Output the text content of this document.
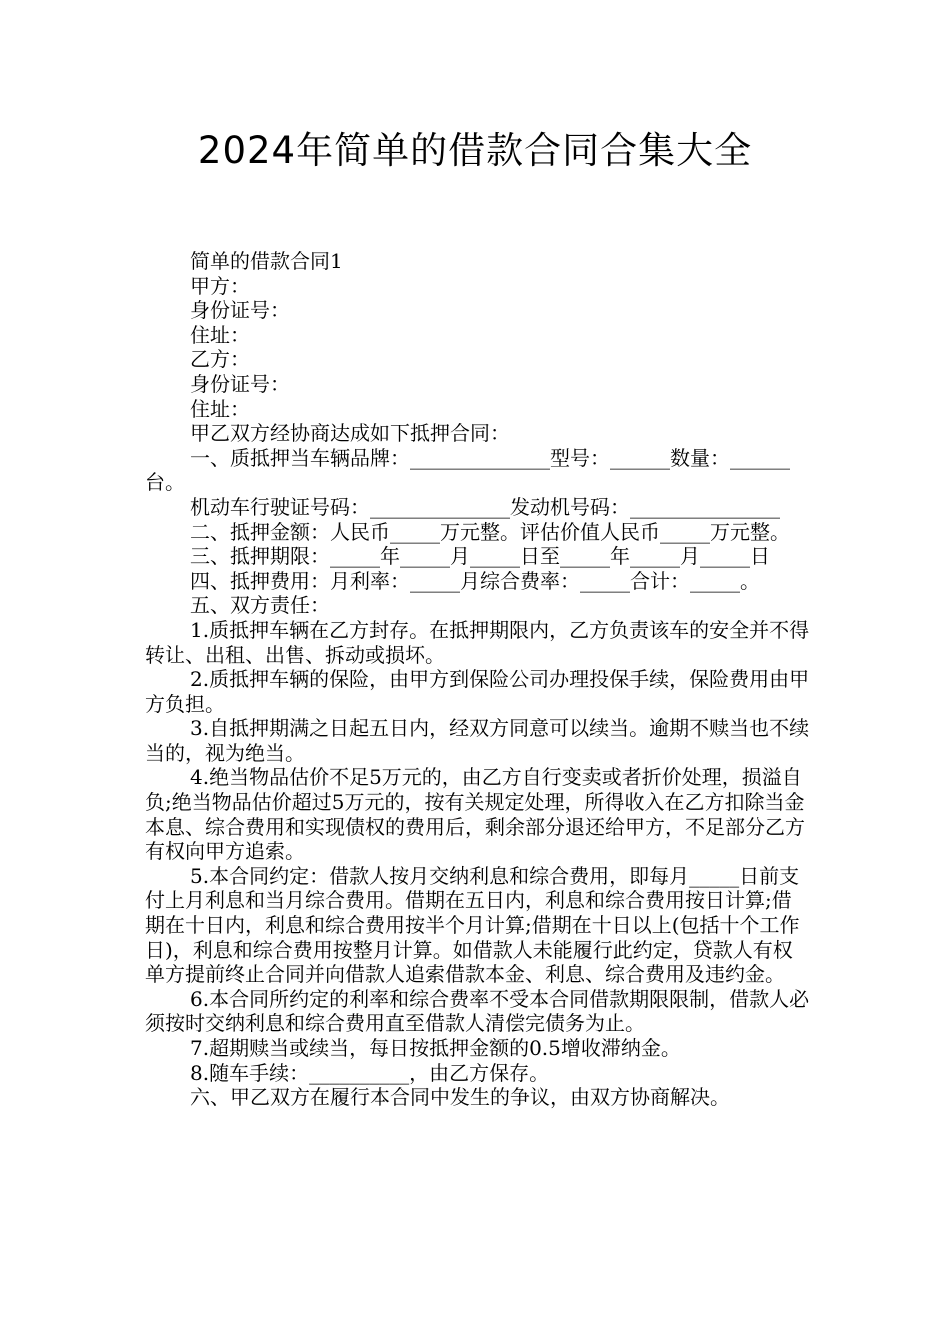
2024年简单的借款合同合集大全

简单的借款合同1

甲方：

身份证号：

住址：

乙方：

身份证号：

住址：

甲乙双方经协商达成如下抵押合同：

一、质抵押当车辆品牌：______________型号：______数量：______台。

机动车行驶证号码：______________发动机号码：_______________

二、抵押金额：人民币_____万元整。评估价值人民币_____万元整。

三、抵押期限：_____年_____月_____日至_____年_____月_____日

四、抵押费用：月利率：_____月综合费率：_____合计：_____。

五、双方责任：

1.质抵押车辆在乙方封存。在抵押期限内，乙方负责该车的安全并不得转让、出租、出售、拆动或损坏。

2.质抵押车辆的保险，由甲方到保险公司办理投保手续，保险费用由甲方负担。

3.自抵押期满之日起五日内，经双方同意可以续当。逾期不赎当也不续当的，视为绝当。

4.绝当物品估价不足5万元的，由乙方自行变卖或者折价处理，损溢自负;绝当物品估价超过5万元的，按有关规定处理，所得收入在乙方扣除当金本息、综合费用和实现债权的费用后，剩余部分退还给甲方，不足部分乙方有权向甲方追索。

5.本合同约定：借款人按月交纳利息和综合费用，即每月_____日前支付上月利息和当月综合费用。借期在五日内，利息和综合费用按日计算;借期在十日内，利息和综合费用按半个月计算;借期在十日以上(包括十个工作日)，利息和综合费用按整月计算。如借款人未能履行此约定，贷款人有权单方提前终止合同并向借款人追索借款本金、利息、综合费用及违约金。

6.本合同所约定的利率和综合费率不受本合同借款期限限制，借款人必须按时交纳利息和综合费用直至借款人清偿完债务为止。

7.超期赎当或续当，每日按抵押金额的0.5增收滞纳金。

8.随车手续：__________，由乙方保存。

六、甲乙双方在履行本合同中发生的争议，由双方协商解决。
